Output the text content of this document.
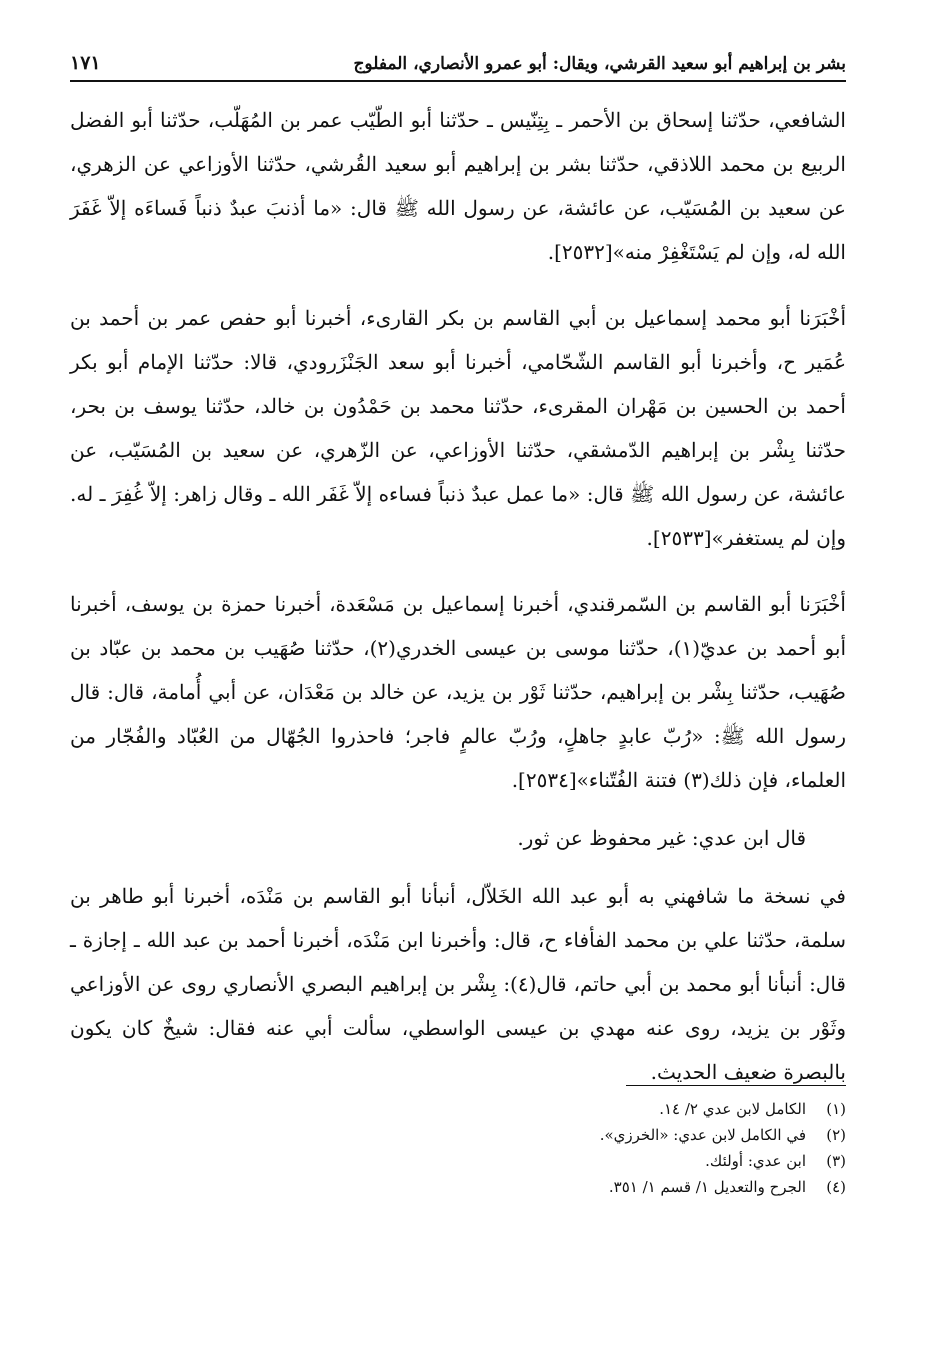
بشر بن إبراهيم أبو سعيد القرشي، ويقال: أبو عمرو الأنصاري، المفلوج
١٧١

الشافعي، حدّثنا إسحاق بن الأحمر ـ بِتِنّيس ـ حدّثنا أبو الطّيّب عمر بن المُهَلّب، حدّثنا أبو الفضل الربيع بن محمد اللاذقي، حدّثنا بشر بن إبراهيم أبو سعيد القُرشي، حدّثنا الأوزاعي عن الزهري، عن سعيد بن المُسَيّب، عن عائشة، عن رسول الله ﷺ قال: «ما أذنبَ عبدٌ ذنباً فَساءَه إلاّ غَفَرَ الله له، وإن لم يَسْتَغْفِرْ منه»[٢٥٣٢].

أخْبَرَنا أبو محمد إسماعيل بن أبي القاسم بن بكر القارىء، أخبرنا أبو حفص عمر بن أحمد بن عُمَير ح، وأخبرنا أبو القاسم الشّحّامي، أخبرنا أبو سعد الجَنْزَرودي، قالا: حدّثنا الإمام أبو بكر أحمد بن الحسين بن مَهْران المقرىء، حدّثنا محمد بن حَمْدُون بن خالد، حدّثنا يوسف بن بحر، حدّثنا بِشْر بن إبراهيم الدّمشقي، حدّثنا الأوزاعي، عن الزّهري، عن سعيد بن المُسَيّب، عن عائشة، عن رسول الله ﷺ قال: «ما عمل عبدٌ ذنباً فساءه إلاّ غَفَر الله ـ وقال زاهر: إلاّ غُفِرَ ـ له. وإن لم يستغفر»[٢٥٣٣].

أخْبَرَنا أبو القاسم بن السّمرقندي، أخبرنا إسماعيل بن مَسْعَدة، أخبرنا حمزة بن يوسف، أخبرنا أبو أحمد بن عديّ(١)، حدّثنا موسى بن عيسى الخدري(٢)، حدّثنا صُهَيب بن محمد بن عبّاد بن صُهَيب، حدّثنا بِشْر بن إبراهيم، حدّثنا ثَوْر بن يزيد، عن خالد بن مَعْدَان، عن أبي أُمامة، قال: قال رسول الله ﷺ: «رُبّ عابدٍ جاهلٍ، ورُبّ عالمٍ فاجر؛ فاحذروا الجُهّال من العُبّاد والفُجّار من العلماء، فإن ذلك(٣) فتنة الفُتّناء»[٢٥٣٤].

قال ابن عدي: غير محفوظ عن ثور.

في نسخة ما شافهني به أبو عبد الله الخَلاّل، أنبأنا أبو القاسم بن مَنْدَه، أخبرنا أبو طاهر بن سلمة، حدّثنا علي بن محمد الفأفاء ح، قال: وأخبرنا ابن مَنْدَه، أخبرنا أحمد بن عبد الله ـ إجازة ـ قال: أنبأنا أبو محمد بن أبي حاتم، قال(٤): بِشْر بن إبراهيم البصري الأنصاري روى عن الأوزاعي وثَوْر بن يزيد، روى عنه مهدي بن عيسى الواسطي، سألت أبي عنه فقال: شيخٌ كان يكون بالبصرة ضعيف الحديث.

(١)
الكامل لابن عدي ٢/ ١٤.
(٢)
في الكامل لابن عدي: «الخرزي».
(٣)
ابن عدي: أولئك.
(٤)
الجرح والتعديل ١/ قسم ١/ ٣٥١.
